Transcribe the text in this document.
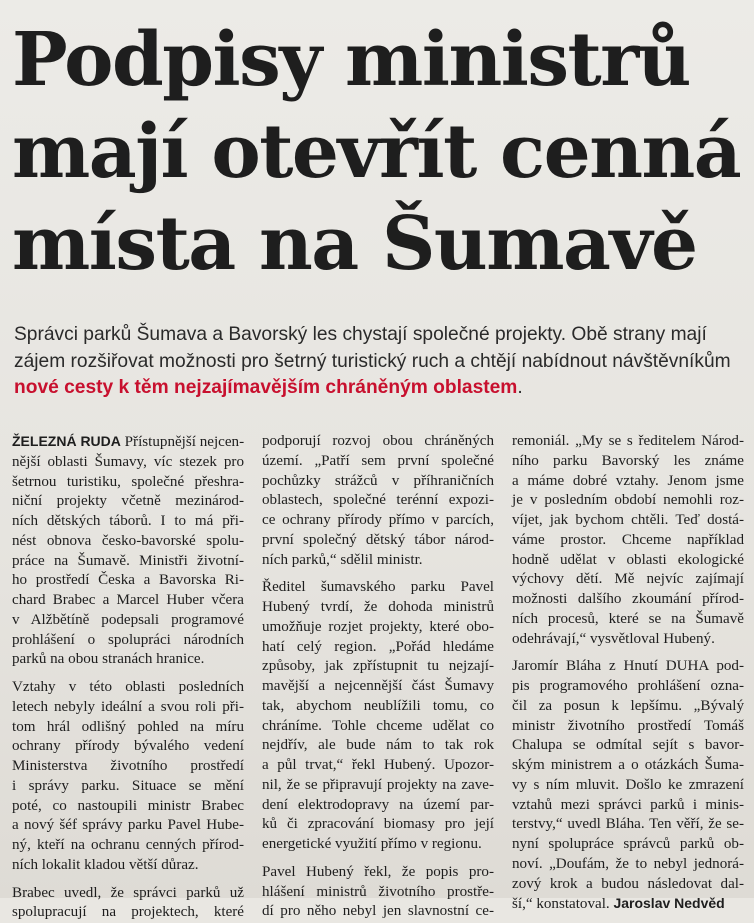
Podpisy ministrů
mají otevřít cenná
místa na Šumavě

Správci parků Šumava a Bavorský les chystají společné projekty. Obě strany mají zájem rozšiřovat možnosti pro šetrný turistický ruch a chtějí nabídnout návštěvníkům nové cesty k těm nejzajímavějším chráněným oblastem.

ŽELEZNÁ RUDA Přístupnější nejcen-
nější oblasti Šumavy, víc stezek pro
šetrnou turistiku, společné přeshra-
niční projekty včetně mezinárod-
ních dětských táborů. I to má při-
nést obnova česko-bavorské spolu-
práce na Šumavě. Ministři životní-
ho prostředí Česka a Bavorska Ri-
chard Brabec a Marcel Huber včera
v Alžbětíně podepsali programové
prohlášení o spolupráci národních
parků na obou stranách hranice.
Vztahy v této oblasti posledních
letech nebyly ideální a svou roli při-
tom hrál odlišný pohled na míru
ochrany přírody bývalého vedení
Ministerstva životního prostředí
i správy parku. Situace se mění
poté, co nastoupili ministr Brabec
a nový šéf správy parku Pavel Hube-
ný, kteří na ochranu cenných přírod-
ních lokalit kladou větší důraz.
Brabec uvedl, že správci parků už
spolupracují na projektech, které
podporují rozvoj obou chráněných
území. „Patří sem první společné
pochůzky strážců v příhraničních
oblastech, společné terénní expozi-
ce ochrany přírody přímo v parcích,
první společný dětský tábor národ-
ních parků,“ sdělil ministr.
Ředitel šumavského parku Pavel
Hubený tvrdí, že dohoda ministrů
umožňuje rozjet projekty, které obo-
hatí celý region. „Pořád hledáme
způsoby, jak zpřístupnit tu nejzají-
mavější a nejcennější část Šumavy
tak, abychom neublížili tomu, co
chráníme. Tohle chceme udělat co
nejdřív, ale bude nám to tak rok
a půl trvat,“ řekl Hubený. Upozor-
nil, že se připravují projekty na zave-
dení elektrodopravy na území par-
ků či zpracování biomasy pro její
energetické využití přímo v regionu.
Pavel Hubený řekl, že popis pro-
hlášení ministrů životního prostře-
dí pro něho nebyl jen slavnostní ce-
remoniál. „My se s ředitelem Národ-
ního parku Bavorský les známe
a máme dobré vztahy. Jenom jsme
je v posledním období nemohli roz-
víjet, jak bychom chtěli. Teď dostá-
váme prostor. Chceme například
hodně udělat v oblasti ekologické
výchovy dětí. Mě nejvíc zajímají
možnosti dalšího zkoumání přírod-
ních procesů, které se na Šumavě
odehrávají,“ vysvětloval Hubený.
Jaromír Bláha z Hnutí DUHA pod-
pis programového prohlášení ozna-
čil za posun k lepšímu. „Bývalý
ministr životního prostředí Tomáš
Chalupa se odmítal sejít s bavor-
ským ministrem a o otázkách Šuma-
vy s ním mluvit. Došlo ke zmrazení
vztahů mezi správci parků i minis-
terstvy,“ uvedl Bláha. Ten věří, že se-
nyní spolupráce správců parků ob-
noví. „Doufám, že to nebyl jednorá-
zový krok a budou následovat dal-
ší,“ konstatoval. Jaroslav Nedvěd
